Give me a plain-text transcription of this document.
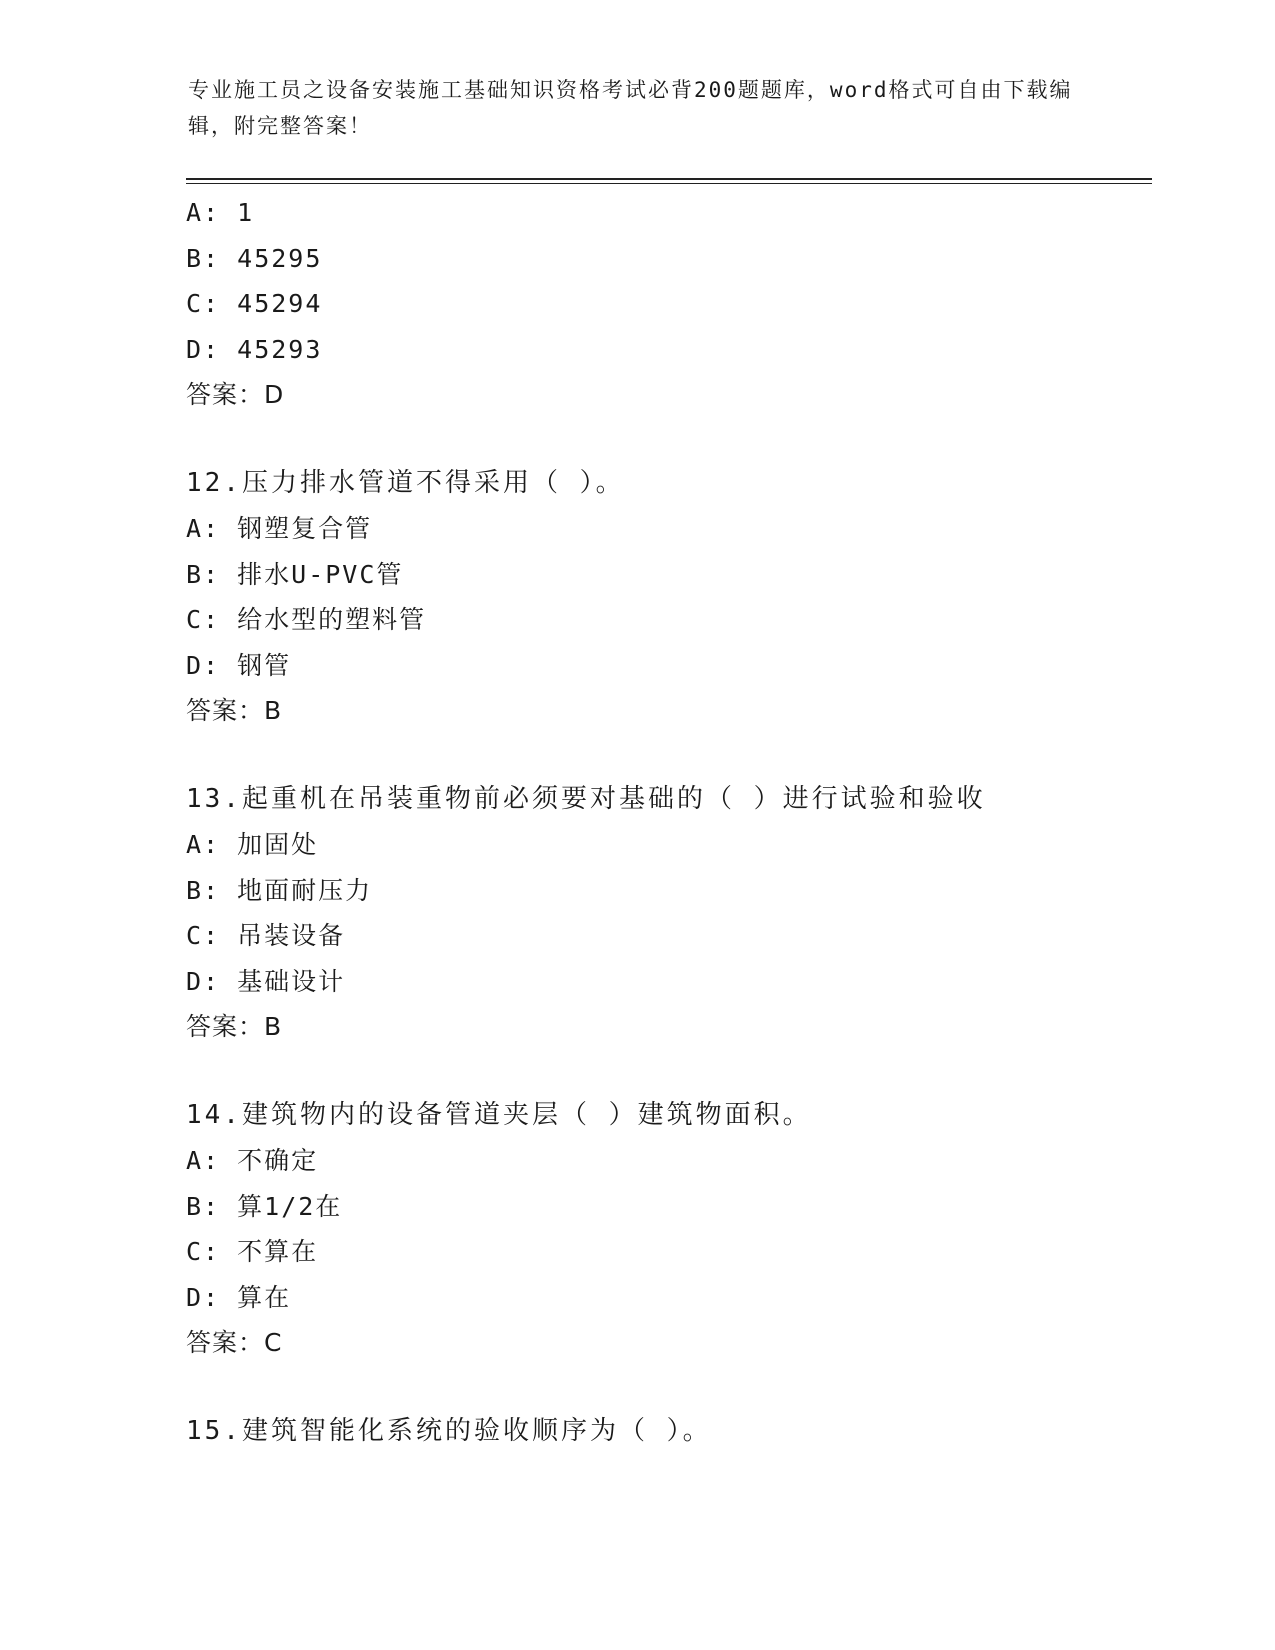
专业施工员之设备安装施工基础知识资格考试必背200题题库，word格式可自由下载编辑，附完整答案！
A: 1
B: 45295
C: 45294
D: 45293
答案：D
12.压力排水管道不得采用（ ）。
A: 钢塑复合管
B: 排水U-PVC管
C: 给水型的塑料管
D: 钢管
答案：B
13.起重机在吊装重物前必须要对基础的（ ）进行试验和验收
A: 加固处
B: 地面耐压力
C: 吊装设备
D: 基础设计
答案：B
14.建筑物内的设备管道夹层（ ）建筑物面积。
A: 不确定
B: 算1/2在
C: 不算在
D: 算在
答案：C
15.建筑智能化系统的验收顺序为（ ）。
